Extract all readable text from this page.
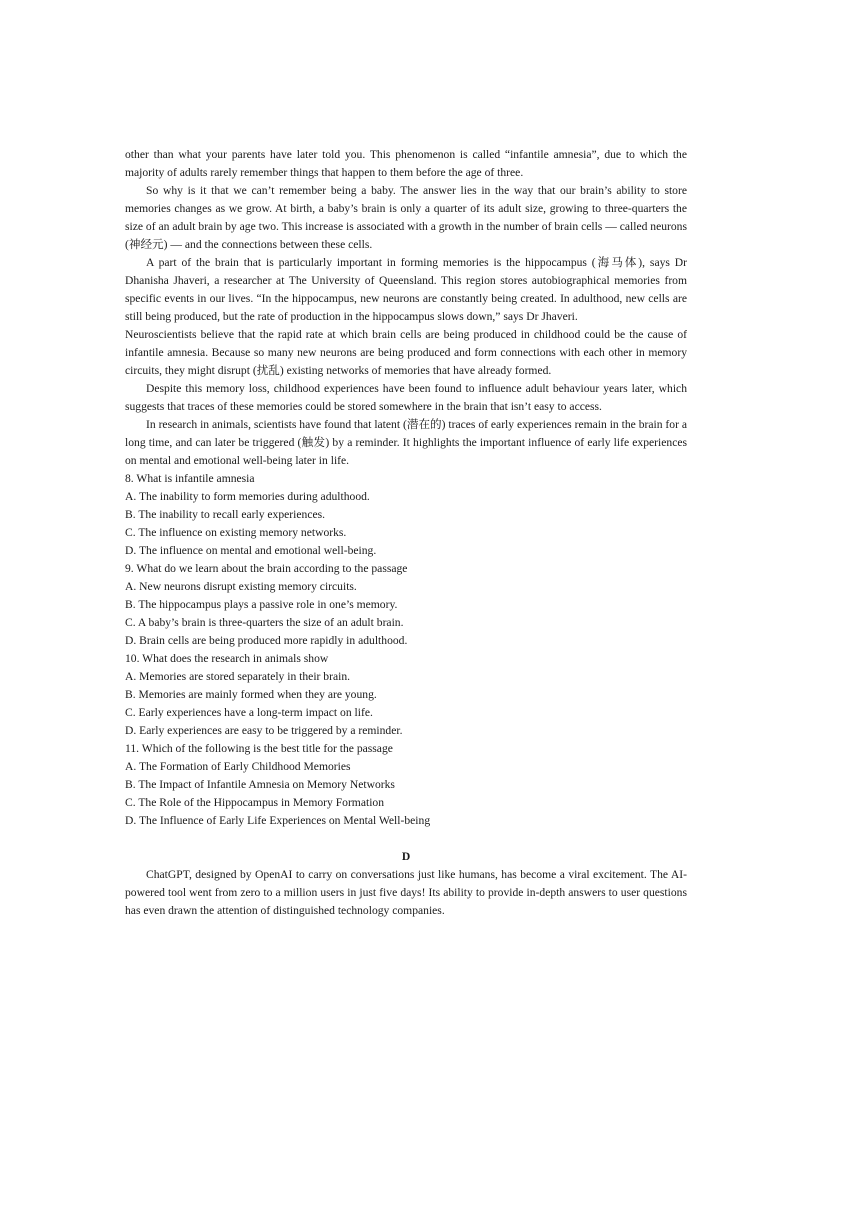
other than what your parents have later told you. This phenomenon is called “infantile amnesia”, due to which the majority of adults rarely remember things that happen to them before the age of three.

So why is it that we can’t remember being a baby. The answer lies in the way that our brain’s ability to store memories changes as we grow. At birth, a baby’s brain is only a quarter of its adult size, growing to three-quarters the size of an adult brain by age two. This increase is associated with a growth in the number of brain cells — called neurons (神经元) — and the connections between these cells.

A part of the brain that is particularly important in forming memories is the hippocampus (海马体), says Dr Dhanisha Jhaveri, a researcher at The University of Queensland. This region stores autobiographical memories from specific events in our lives. “In the hippocampus, new neurons are constantly being created. In adulthood, new cells are still being produced, but the rate of production in the hippocampus slows down,” says Dr Jhaveri.

Neuroscientists believe that the rapid rate at which brain cells are being produced in childhood could be the cause of infantile amnesia. Because so many new neurons are being produced and form connections with each other in memory circuits, they might disrupt (扰乱) existing networks of memories that have already formed.

Despite this memory loss, childhood experiences have been found to influence adult behaviour years later, which suggests that traces of these memories could be stored somewhere in the brain that isn’t easy to access.

In research in animals, scientists have found that latent (潜在的) traces of early experiences remain in the brain for a long time, and can later be triggered (触发) by a reminder. It highlights the important influence of early life experiences on mental and emotional well-being later in life.

8. What is infantile amnesia

A. The inability to form memories during adulthood.

B. The inability to recall early experiences.

C. The influence on existing memory networks.

D. The influence on mental and emotional well-being.

9. What do we learn about the brain according to the passage

A. New neurons disrupt existing memory circuits.

B. The hippocampus plays a passive role in one’s memory.

C. A baby’s brain is three-quarters the size of an adult brain.

D. Brain cells are being produced more rapidly in adulthood.

10. What does the research in animals show

A. Memories are stored separately in their brain.

B. Memories are mainly formed when they are young.

C. Early experiences have a long-term impact on life.

D. Early experiences are easy to be triggered by a reminder.

11. Which of the following is the best title for the passage

A. The Formation of Early Childhood Memories

B. The Impact of Infantile Amnesia on Memory Networks

C. The Role of the Hippocampus in Memory Formation

D. The Influence of Early Life Experiences on Mental Well-being

D

ChatGPT, designed by OpenAI to carry on conversations just like humans, has become a viral excitement. The AI-powered tool went from zero to a million users in just five days! Its ability to provide in-depth answers to user questions has even drawn the attention of distinguished technology companies.
